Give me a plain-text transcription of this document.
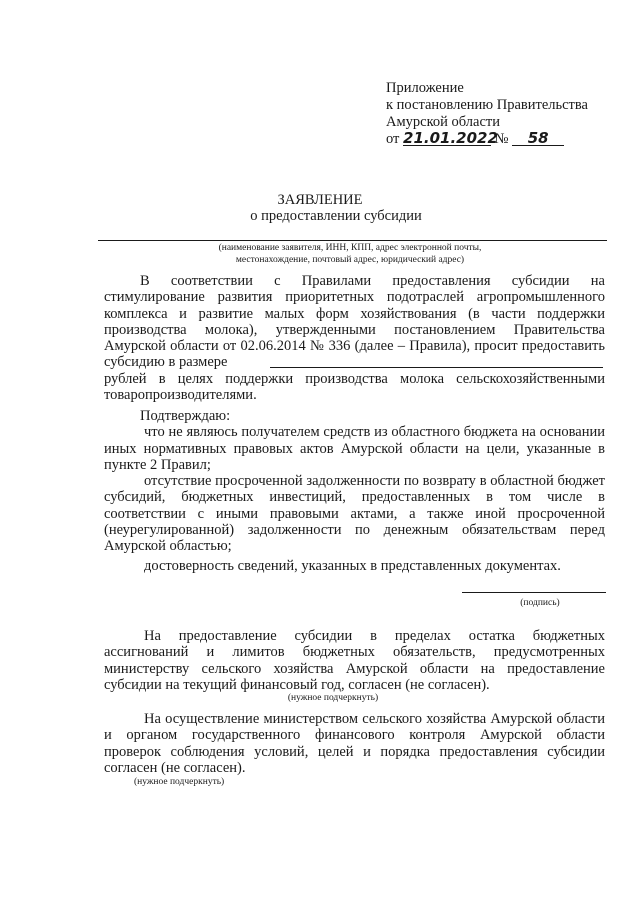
Приложение
к постановлению Правительства
Амурской области
от 21.01.2022 № 58
ЗАЯВЛЕНИЕ
о предоставлении субсидии
(наименование заявителя, ИНН, КПП, адрес электронной почты,
местонахождение, почтовый адрес, юридический адрес)
В соответствии с Правилами предоставления субсидии на
стимулирование развития приоритетных подотраслей агропромышленного
комплекса и развитие малых форм хозяйствования (в части поддержки
производства молока), утвержденными постановлением Правительства
Амурской области от 02.06.2014 № 336 (далее – Правила), просит предоставить
субсидию в размере
рублей в целях поддержки производства молока сельскохозяйственными
товаропроизводителями.
Подтверждаю:
что не являюсь получателем средств из областного бюджета на основании
иных нормативных правовых актов Амурской области на цели, указанные в
пункте 2 Правил;
отсутствие просроченной задолженности по возврату в областной бюджет
субсидий, бюджетных инвестиций, предоставленных в том числе в
соответствии с иными правовыми актами, а также иной просроченной
(неурегулированной) задолженности по денежным обязательствам перед
Амурской областью;
достоверность сведений, указанных в представленных документах.
(подпись)
На предоставление субсидии в пределах остатка бюджетных
ассигнований и лимитов бюджетных обязательств, предусмотренных
министерству сельского хозяйства Амурской области на предоставление
субсидии на текущий финансовый год, согласен (не согласен).
(нужное подчеркнуть)
На осуществление министерством сельского хозяйства Амурской области
и органом государственного финансового контроля Амурской области
проверок соблюдения условий, целей и порядка предоставления субсидии
согласен (не согласен).
(нужное подчеркнуть)
